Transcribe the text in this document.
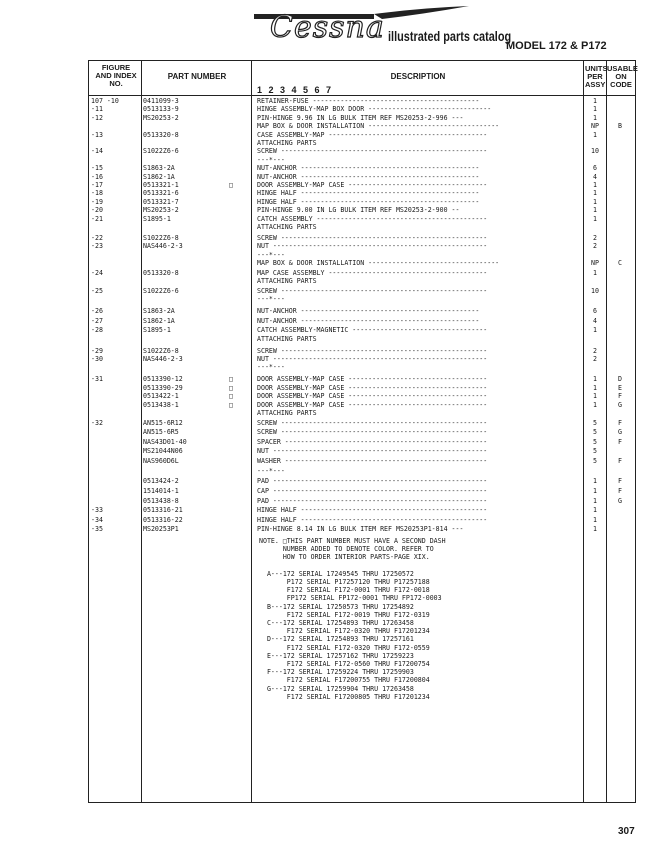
Cessna illustrated parts catalog
MODEL 172 & P172
FIGURE AND INDEX NO.
PART NUMBER
1 2 3 4 5 6 7
DESCRIPTION
UNITS PER ASSY
USABLE ON CODE
107 -10	0411099-3	RETAINER-FUSE ------------------------------------------	1
-11	0513133-9	HINGE ASSEMBLY-MAP BOX DOOR -------------------------------	1
-12	MS20253-2	PIN-HINGE 9.96 IN LG BULK ITEM REF MS20253-2-996 ---	1
MAP BOX & DOOR INSTALLATION ---------------------------------	NP	B
-13	0513320-8	CASE ASSEMBLY-MAP ----------------------------------------	1
ATTACHING PARTS
-14	S1022Z6-6	SCREW ----------------------------------------------------	10
---*---
-15	S1863-2A	NUT-ANCHOR ---------------------------------------------	6
-16	S1862-1A	NUT-ANCHOR ---------------------------------------------	4
-17	0513321-1	□	DOOR ASSEMBLY-MAP CASE -----------------------------------	1
-18	0513321-6	HINGE HALF ---------------------------------------------	1
-19	0513321-7	HINGE HALF ---------------------------------------------	1
-20	MS20253-2	PIN-HINGE 9.00 IN LG BULK ITEM REF MS20253-2-900 --	1
-21	S1895-1	CATCH ASSEMBLY -------------------------------------------	1
ATTACHING PARTS
-22	S1022Z6-8	SCREW ----------------------------------------------------	2
-23	NAS446-2-3	NUT ------------------------------------------------------	2
---*---
MAP BOX & DOOR INSTALLATION ---------------------------------	NP	C
-24	0513320-8	MAP CASE ASSEMBLY ----------------------------------------	1
ATTACHING PARTS
-25	S1022Z6-6	SCREW ----------------------------------------------------	10
---*---
-26	S1863-2A	NUT-ANCHOR ---------------------------------------------	6
-27	S1862-1A	NUT-ANCHOR ---------------------------------------------	4
-28	S1895-1	CATCH ASSEMBLY-MAGNETIC ----------------------------------	1
ATTACHING PARTS
-29	S1022Z6-8	SCREW ----------------------------------------------------	2
-30	NAS446-2-3	NUT ------------------------------------------------------	2
---*---
-31	0513390-12	□	DOOR ASSEMBLY-MAP CASE -----------------------------------	1	D
0513390-29	□	DOOR ASSEMBLY-MAP CASE -----------------------------------	1	E
0513422-1	□	DOOR ASSEMBLY-MAP CASE -----------------------------------	1	F
0513438-1	□	DOOR ASSEMBLY-MAP CASE -----------------------------------	1	G
ATTACHING PARTS
-32	AN515-6R12	SCREW ----------------------------------------------------	5	F
AN515-6R5	SCREW ----------------------------------------------------	5	G
NAS43D01-40	SPACER ---------------------------------------------------	5	F
MS21044N06	NUT ------------------------------------------------------	5
NAS960D6L	WASHER ---------------------------------------------------	5	F
---*---
0513424-2	PAD ------------------------------------------------------	1	F
1514014-1	CAP ------------------------------------------------------	1	F
0513438-8	PAD ------------------------------------------------------	1	G
-33	0513316-21	HINGE HALF -----------------------------------------------	1
-34	0513316-22	HINGE HALF -----------------------------------------------	1
-35	MS20253P1	PIN-HINGE 8.14 IN LG BULK ITEM REF MS20253P1-814 ---	1
NOTE. □THIS PART NUMBER MUST HAVE A SECOND DASH
NUMBER ADDED TO DENOTE COLOR. REFER TO
HOW TO ORDER INTERIOR PARTS-PAGE XIX.

A---172 SERIAL 17249545 THRU 17250572
P172 SERIAL P17257120 THRU P17257188
F172 SERIAL F172-0001 THRU F172-0018
FP172 SERIAL FP172-0001 THRU FP172-0003
B---172 SERIAL 17250573 THRU 17254892
F172 SERIAL F172-0019 THRU F172-0319
C---172 SERIAL 17254893 THRU 17263458
F172 SERIAL F172-0320 THRU F17201234
D---172 SERIAL 17254893 THRU 17257161
F172 SERIAL F172-0320 THRU F172-0559
E---172 SERIAL 17257162 THRU 17259223
F172 SERIAL F172-0560 THRU F17200754
F---172 SERIAL 17259224 THRU 17259903
F172 SERIAL F17200755 THRU F17200804
G---172 SERIAL 17259904 THRU 17263458
F172 SERIAL F17200805 THRU F17201234
307
